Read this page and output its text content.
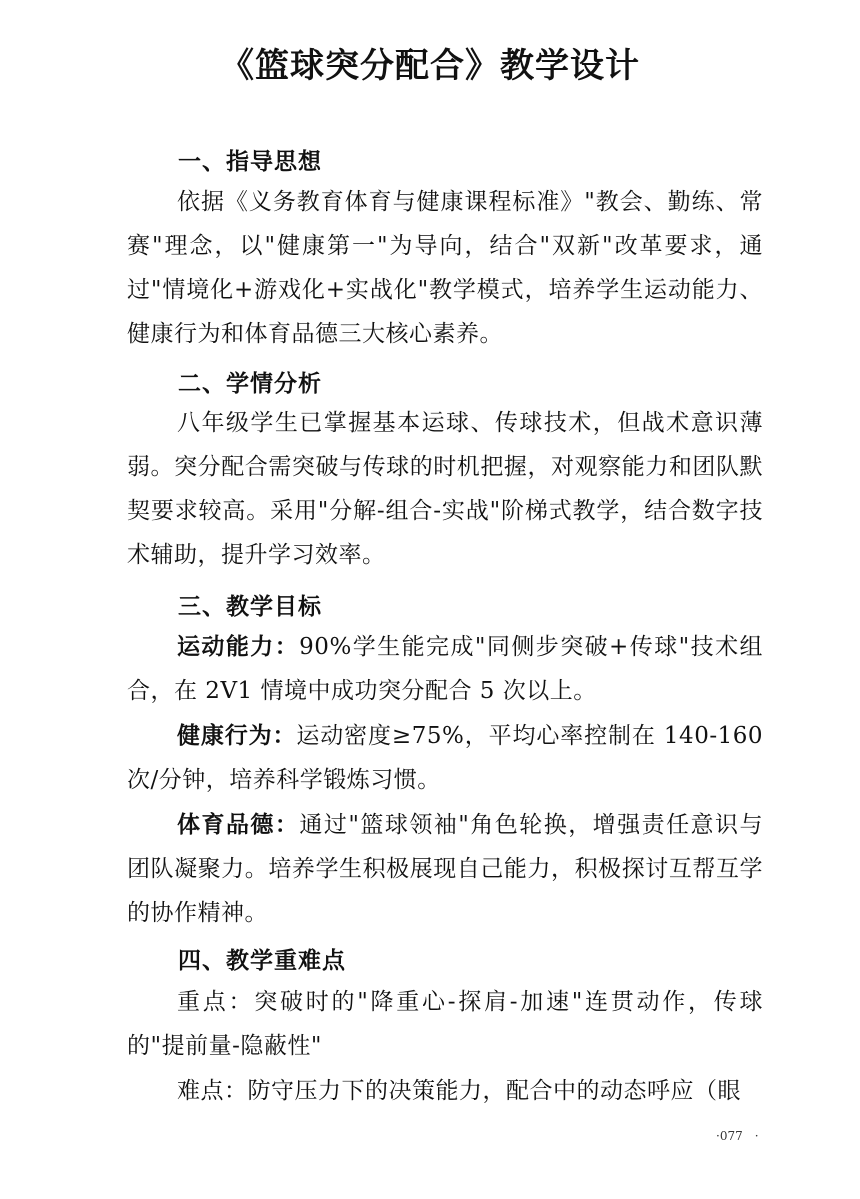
《篮球突分配合》教学设计
一、指导思想

依据《义务教育体育与健康课程标准》"教会、勤练、常赛"理念，以"健康第一"为导向，结合"双新"改革要求，通过"情境化+游戏化+实战化"教学模式，培养学生运动能力、健康行为和体育品德三大核心素养。

二、学情分析

八年级学生已掌握基本运球、传球技术，但战术意识薄弱。突分配合需突破与传球的时机把握，对观察能力和团队默契要求较高。采用"分解-组合-实战"阶梯式教学，结合数字技术辅助，提升学习效率。

三、教学目标

运动能力：90%学生能完成"同侧步突破+传球"技术组合，在 2V1 情境中成功突分配合 5 次以上。

健康行为：运动密度≥75%，平均心率控制在 140-160 次/分钟，培养科学锻炼习惯。

体育品德：通过"篮球领袖"角色轮换，增强责任意识与团队凝聚力。培养学生积极展现自己能力，积极探讨互帮互学的协作精神。

四、教学重难点

重点：突破时的"降重心-探肩-加速"连贯动作，传球的"提前量-隐蔽性"

难点：防守压力下的决策能力，配合中的动态呼应（眼

·077　·
